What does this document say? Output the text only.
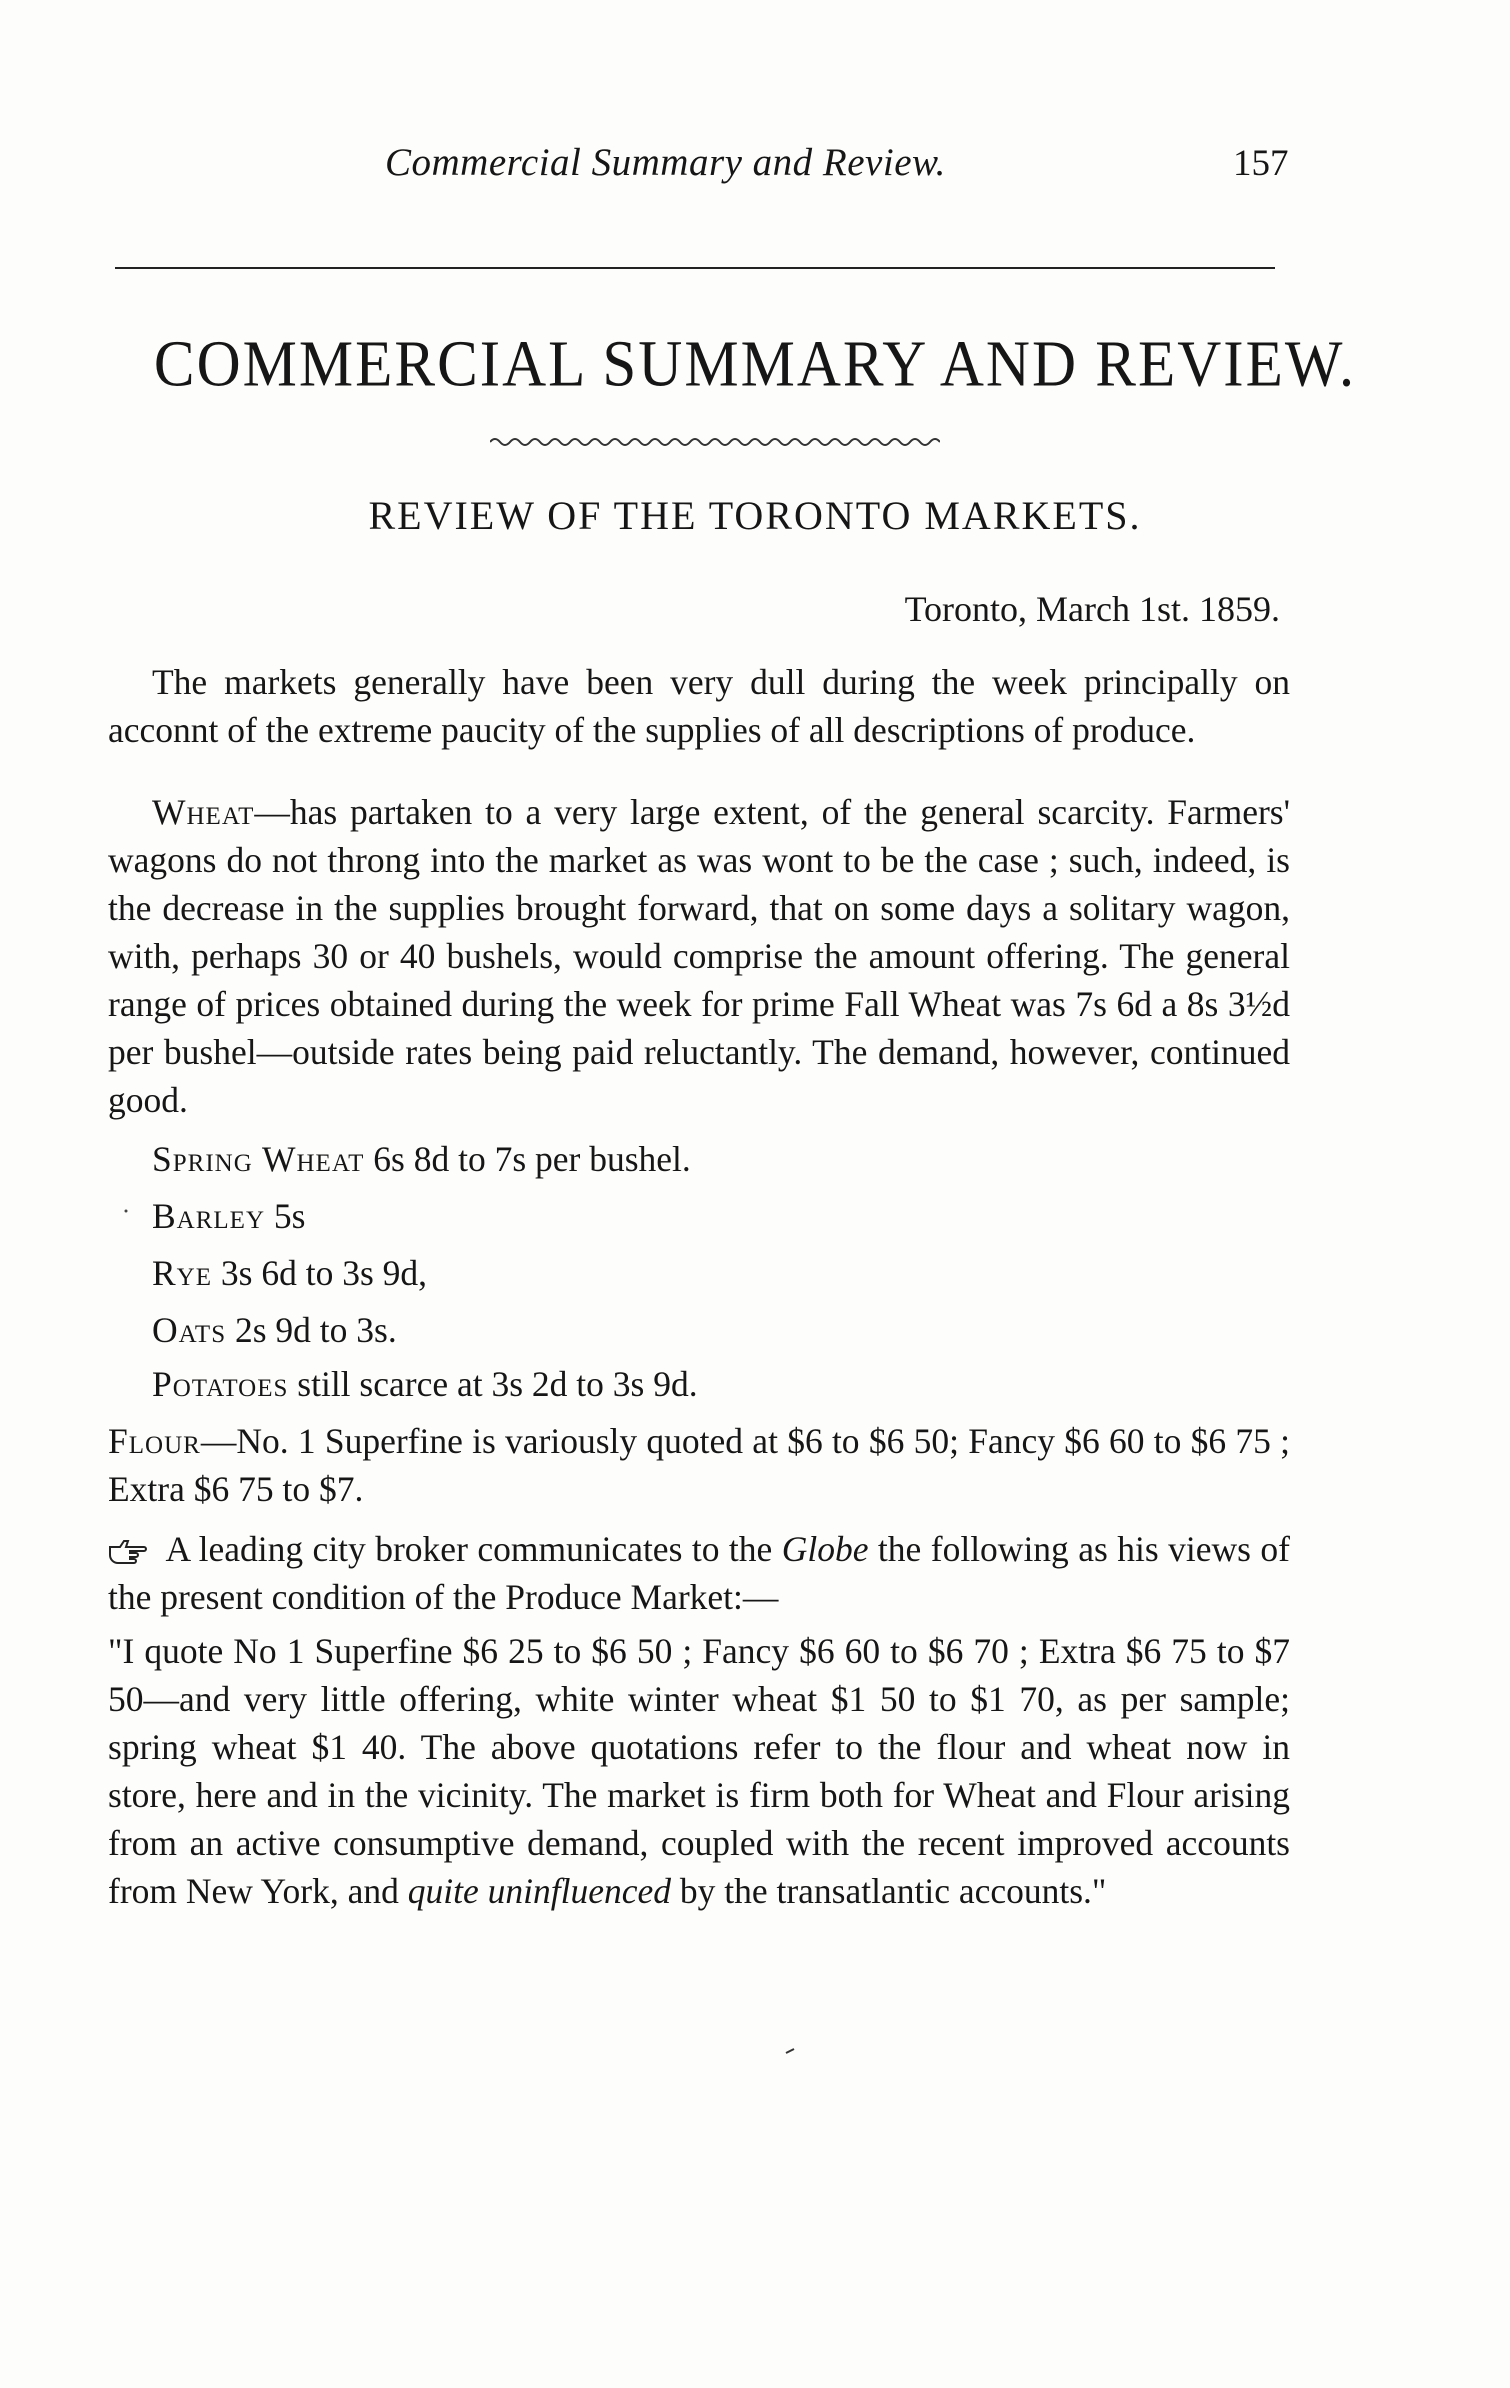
Commercial Summary and Review.	157
COMMERCIAL SUMMARY AND REVIEW.
REVIEW OF THE TORONTO MARKETS.
Toronto, March 1st. 1859.

The markets generally have been very dull during the week principally on acconnt of the extreme paucity of the supplies of all descriptions of produce.

Wheat—has partaken to a very large extent, of the general scarcity. Farmers' wagons do not throng into the market as was wont to be the case ; such, indeed, is the decrease in the supplies brought forward, that on some days a solitary wagon, with, perhaps 30 or 40 bushels, would comprise the amount offering. The general range of prices obtained during the week for prime Fall Wheat was 7s 6d a 8s 3½d per bushel—outside rates being paid reluctantly. The demand, however, continued good.

Spring Wheat 6s 8d to 7s per bushel.
Barley 5s
Rye 3s 6d to 3s 9d,
Oats 2s 9d to 3s.
Potatoes still scarce at 3s 2d to 3s 9d.

Flour—No. 1 Superfine is variously quoted at $6 to $6 50; Fancy $6 60 to $6 75 ; Extra $6 75 to $7.

A leading city broker communicates to the Globe the following as his views of the present condition of the Produce Market:—

"I quote No 1 Superfine $6 25 to $6 50 ; Fancy $6 60 to $6 70 ; Extra $6 75 to $7 50—and very little offering, white winter wheat $1 50 to $1 70, as per sample; spring wheat $1 40. The above quotations refer to the flour and wheat now in store, here and in the vicinity. The market is firm both for Wheat and Flour arising from an active consumptive demand, coupled with the recent improved accounts from New York, and quite uninfluenced by the transatlantic accounts."
